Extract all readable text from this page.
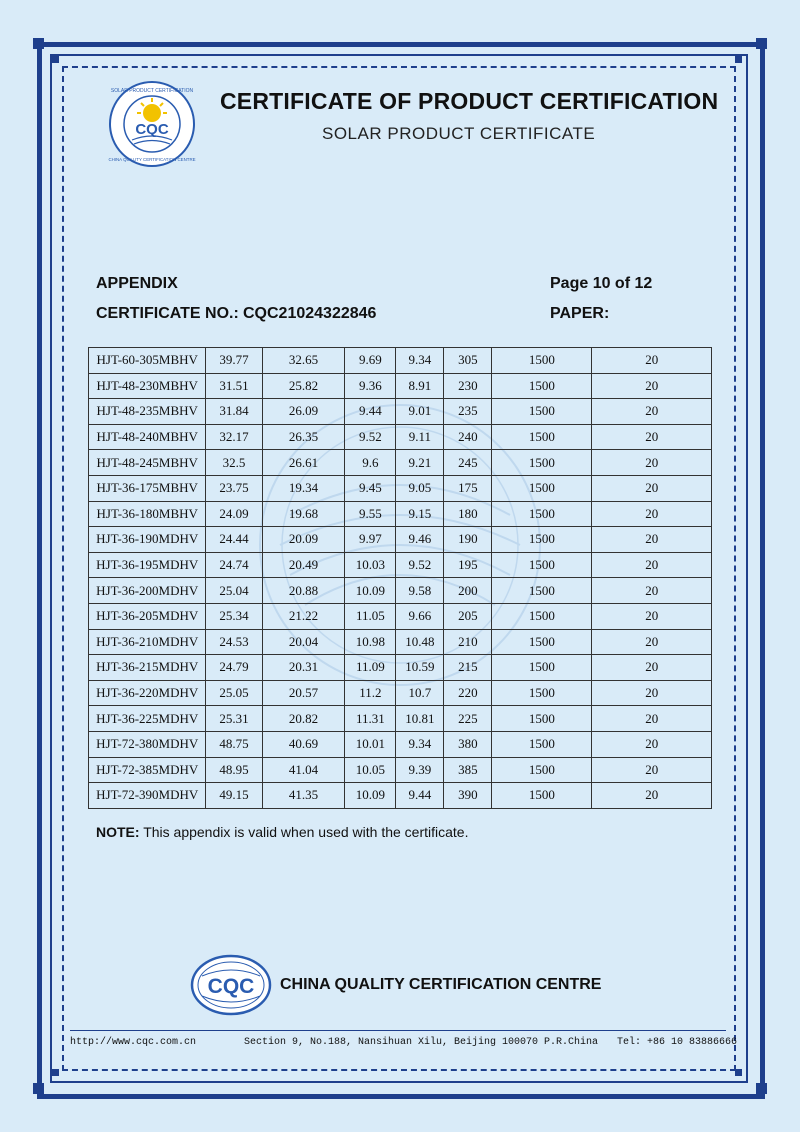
CQC
SOLAR PRODUCT CERTIFICATION
CHINA QUALITY CERTIFICATION CENTRE
CERTIFICATE OF PRODUCT CERTIFICATION
SOLAR PRODUCT CERTIFICATE
APPENDIX	Page 10 of 12
CERTIFICATE NO.: CQC21024322846	PAPER:
HJT-60-305MBHV	39.77	32.65	9.69	9.34	305	1500	20
HJT-48-230MBHV	31.51	25.82	9.36	8.91	230	1500	20
HJT-48-235MBHV	31.84	26.09	9.44	9.01	235	1500	20
HJT-48-240MBHV	32.17	26.35	9.52	9.11	240	1500	20
HJT-48-245MBHV	32.5	26.61	9.6	9.21	245	1500	20
HJT-36-175MBHV	23.75	19.34	9.45	9.05	175	1500	20
HJT-36-180MBHV	24.09	19.68	9.55	9.15	180	1500	20
HJT-36-190MDHV	24.44	20.09	9.97	9.46	190	1500	20
HJT-36-195MDHV	24.74	20.49	10.03	9.52	195	1500	20
HJT-36-200MDHV	25.04	20.88	10.09	9.58	200	1500	20
HJT-36-205MDHV	25.34	21.22	11.05	9.66	205	1500	20
HJT-36-210MDHV	24.53	20.04	10.98	10.48	210	1500	20
HJT-36-215MDHV	24.79	20.31	11.09	10.59	215	1500	20
HJT-36-220MDHV	25.05	20.57	11.2	10.7	220	1500	20
HJT-36-225MDHV	25.31	20.82	11.31	10.81	225	1500	20
HJT-72-380MDHV	48.75	40.69	10.01	9.34	380	1500	20
HJT-72-385MDHV	48.95	41.04	10.05	9.39	385	1500	20
HJT-72-390MDHV	49.15	41.35	10.09	9.44	390	1500	20
NOTE: This appendix is valid when used with the certificate.
CQC CHINA QUALITY CERTIFICATION CENTRE
http://www.cqc.com.cn	Section 9, No.188, Nansihuan Xilu, Beijing 100070 P.R.China Tel: +86 10 83886666
